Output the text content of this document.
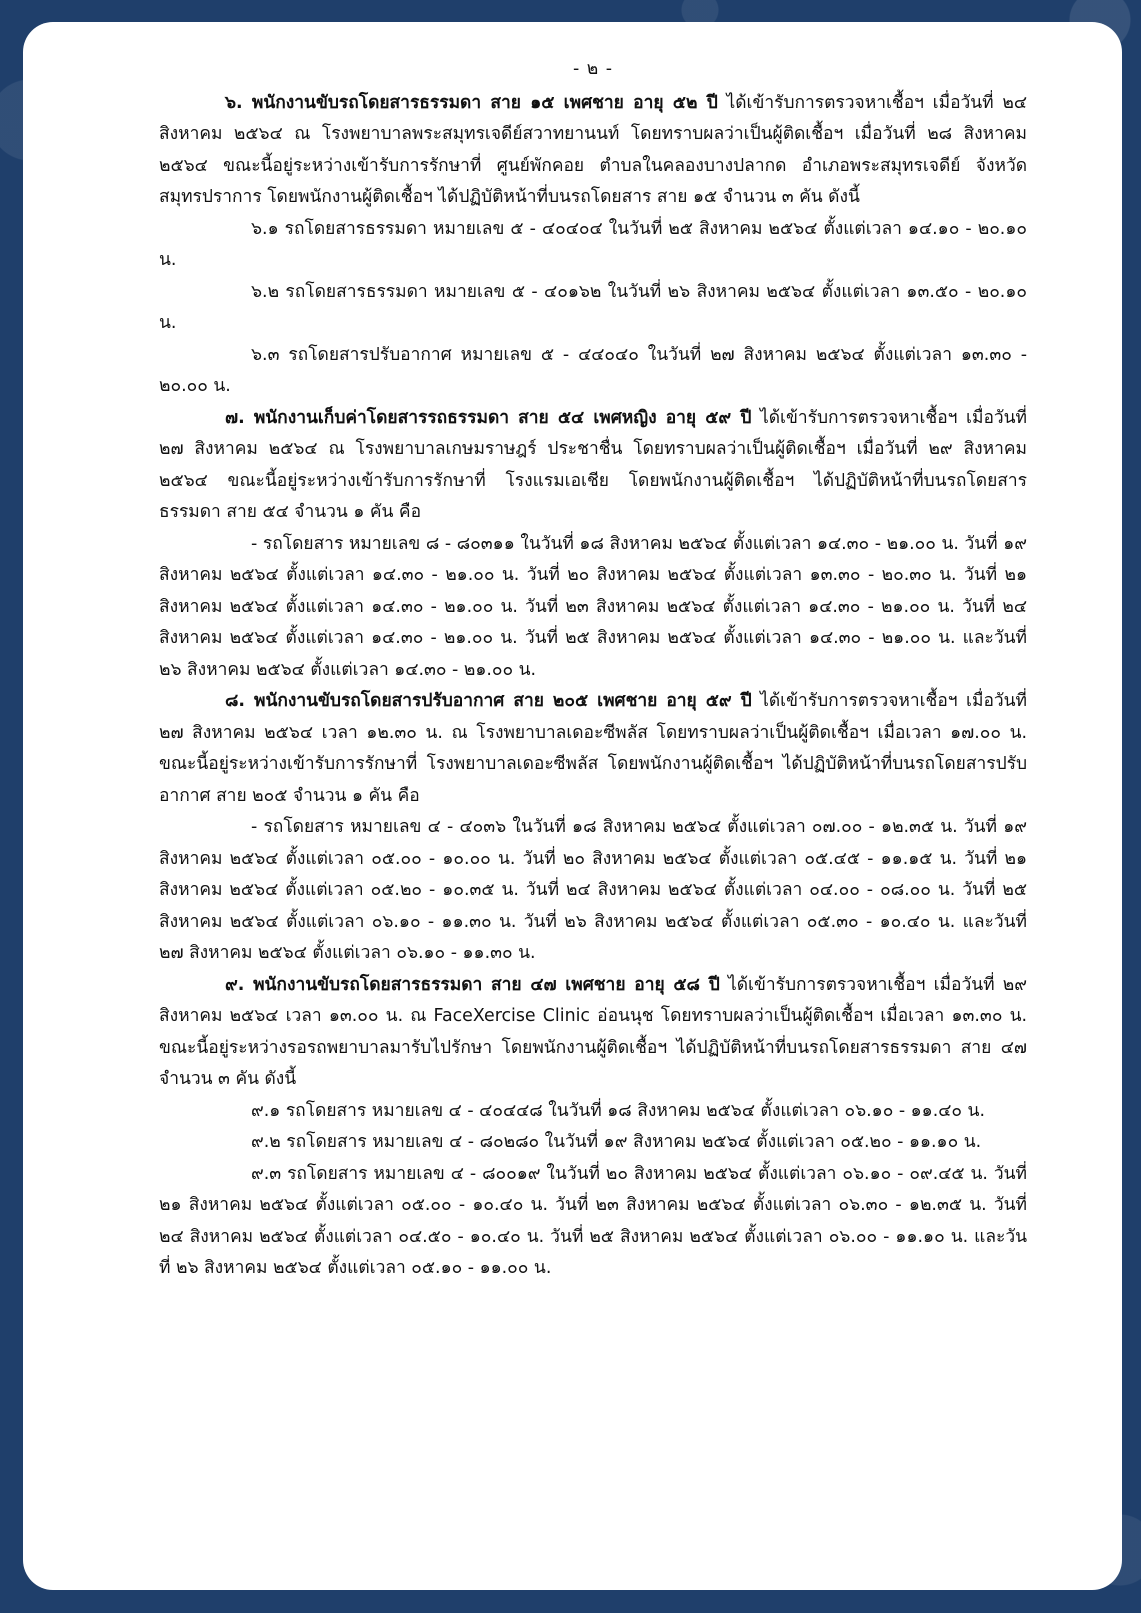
- ๒ -

๖. พนักงานขับรถโดยสารธรรมดา สาย ๑๕ เพศชาย อายุ ๕๒ ปี ได้เข้ารับการตรวจหาเชื้อฯ เมื่อวันที่ ๒๔ สิงหาคม ๒๕๖๔ ณ โรงพยาบาลพระสมุทรเจดีย์สวาทยานนท์ โดยทราบผลว่าเป็นผู้ติดเชื้อฯ เมื่อวันที่ ๒๘ สิงหาคม ๒๕๖๔ ขณะนี้อยู่ระหว่างเข้ารับการรักษาที่ ศูนย์พักคอย ตำบลในคลองบางปลากด อำเภอพระสมุทรเจดีย์ จังหวัดสมุทรปราการ โดยพนักงานผู้ติดเชื้อฯ ได้ปฏิบัติหน้าที่บนรถโดยสาร สาย ๑๕ จำนวน ๓ คัน ดังนี้

๖.๑ รถโดยสารธรรมดา หมายเลข ๕ - ๔๐๔๐๔ ในวันที่ ๒๕ สิงหาคม ๒๕๖๔ ตั้งแต่เวลา ๑๔.๑๐ - ๒๐.๑๐ น.

๖.๒ รถโดยสารธรรมดา หมายเลข ๕ - ๔๐๑๖๒ ในวันที่ ๒๖ สิงหาคม ๒๕๖๔ ตั้งแต่เวลา ๑๓.๕๐ - ๒๐.๑๐ น.

๖.๓ รถโดยสารปรับอากาศ หมายเลข ๕ - ๔๔๐๔๐ ในวันที่ ๒๗ สิงหาคม ๒๕๖๔ ตั้งแต่เวลา ๑๓.๓๐ - ๒๐.๐๐ น.

๗. พนักงานเก็บค่าโดยสารรถธรรมดา สาย ๕๔ เพศหญิง อายุ ๕๙ ปี ได้เข้ารับการตรวจหาเชื้อฯ เมื่อวันที่ ๒๗ สิงหาคม ๒๕๖๔ ณ โรงพยาบาลเกษมราษฎร์ ประชาชื่น โดยทราบผลว่าเป็นผู้ติดเชื้อฯ เมื่อวันที่ ๒๙ สิงหาคม ๒๕๖๔ ขณะนี้อยู่ระหว่างเข้ารับการรักษาที่ โรงแรมเอเชีย โดยพนักงานผู้ติดเชื้อฯ ได้ปฏิบัติหน้าที่บนรถโดยสารธรรมดา สาย ๕๔ จำนวน ๑ คัน คือ

- รถโดยสาร หมายเลข ๘ - ๘๐๓๑๑ ในวันที่ ๑๘ สิงหาคม ๒๕๖๔ ตั้งแต่เวลา ๑๔.๓๐ - ๒๑.๐๐ น. วันที่ ๑๙ สิงหาคม ๒๕๖๔ ตั้งแต่เวลา ๑๔.๓๐ - ๒๑.๐๐ น. วันที่ ๒๐ สิงหาคม ๒๕๖๔ ตั้งแต่เวลา ๑๓.๓๐ - ๒๐.๓๐ น. วันที่ ๒๑ สิงหาคม ๒๕๖๔ ตั้งแต่เวลา ๑๔.๓๐ - ๒๑.๐๐ น. วันที่ ๒๓ สิงหาคม ๒๕๖๔ ตั้งแต่เวลา ๑๔.๓๐ - ๒๑.๐๐ น. วันที่ ๒๔ สิงหาคม ๒๕๖๔ ตั้งแต่เวลา ๑๔.๓๐ - ๒๑.๐๐ น. วันที่ ๒๕ สิงหาคม ๒๕๖๔ ตั้งแต่เวลา ๑๔.๓๐ - ๒๑.๐๐ น. และวันที่ ๒๖ สิงหาคม ๒๕๖๔ ตั้งแต่เวลา ๑๔.๓๐ - ๒๑.๐๐ น.

๘. พนักงานขับรถโดยสารปรับอากาศ สาย ๒๐๕ เพศชาย อายุ ๕๙ ปี ได้เข้ารับการตรวจหาเชื้อฯ เมื่อวันที่ ๒๗ สิงหาคม ๒๕๖๔ เวลา ๑๒.๓๐ น. ณ โรงพยาบาลเดอะซีพลัส โดยทราบผลว่าเป็นผู้ติดเชื้อฯ เมื่อเวลา ๑๗.๐๐ น. ขณะนี้อยู่ระหว่างเข้ารับการรักษาที่ โรงพยาบาลเดอะซีพลัส โดยพนักงานผู้ติดเชื้อฯ ได้ปฏิบัติหน้าที่บนรถโดยสารปรับอากาศ สาย ๒๐๕ จำนวน ๑ คัน คือ

- รถโดยสาร หมายเลข ๔ - ๔๐๓๖ ในวันที่ ๑๘ สิงหาคม ๒๕๖๔ ตั้งแต่เวลา ๐๗.๐๐ - ๑๒.๓๕ น. วันที่ ๑๙ สิงหาคม ๒๕๖๔ ตั้งแต่เวลา ๐๕.๐๐ - ๑๐.๐๐ น. วันที่ ๒๐ สิงหาคม ๒๕๖๔ ตั้งแต่เวลา ๐๕.๔๕ - ๑๑.๑๕ น. วันที่ ๒๑ สิงหาคม ๒๕๖๔ ตั้งแต่เวลา ๐๕.๒๐ - ๑๐.๓๕ น. วันที่ ๒๔ สิงหาคม ๒๕๖๔ ตั้งแต่เวลา ๐๔.๐๐ - ๐๘.๐๐ น. วันที่ ๒๕ สิงหาคม ๒๕๖๔ ตั้งแต่เวลา ๐๖.๑๐ - ๑๑.๓๐ น. วันที่ ๒๖ สิงหาคม ๒๕๖๔ ตั้งแต่เวลา ๐๕.๓๐ - ๑๐.๔๐ น. และวันที่ ๒๗ สิงหาคม ๒๕๖๔ ตั้งแต่เวลา ๐๖.๑๐ - ๑๑.๓๐ น.

๙. พนักงานขับรถโดยสารธรรมดา สาย ๔๗ เพศชาย อายุ ๕๘ ปี ได้เข้ารับการตรวจหาเชื้อฯ เมื่อวันที่ ๒๙ สิงหาคม ๒๕๖๔ เวลา ๑๓.๐๐ น. ณ FaceXercise Clinic อ่อนนุช โดยทราบผลว่าเป็นผู้ติดเชื้อฯ เมื่อเวลา ๑๓.๓๐ น. ขณะนี้อยู่ระหว่างรอรถพยาบาลมารับไปรักษา โดยพนักงานผู้ติดเชื้อฯ ได้ปฏิบัติหน้าที่บนรถโดยสารธรรมดา สาย ๔๗ จำนวน ๓ คัน ดังนี้

๙.๑ รถโดยสาร หมายเลข ๔ - ๔๐๔๔๘ ในวันที่ ๑๘ สิงหาคม ๒๕๖๔ ตั้งแต่เวลา ๐๖.๑๐ - ๑๑.๔๐ น.

๙.๒ รถโดยสาร หมายเลข ๔ - ๘๐๒๘๐ ในวันที่ ๑๙ สิงหาคม ๒๕๖๔ ตั้งแต่เวลา ๐๕.๒๐ - ๑๑.๑๐ น.

๙.๓ รถโดยสาร หมายเลข ๔ - ๘๐๐๑๙ ในวันที่ ๒๐ สิงหาคม ๒๕๖๔ ตั้งแต่เวลา ๐๖.๑๐ - ๐๙.๔๕ น. วันที่ ๒๑ สิงหาคม ๒๕๖๔ ตั้งแต่เวลา ๐๕.๐๐ - ๑๐.๔๐ น. วันที่ ๒๓ สิงหาคม ๒๕๖๔ ตั้งแต่เวลา ๐๖.๓๐ - ๑๒.๓๕ น. วันที่ ๒๔ สิงหาคม ๒๕๖๔ ตั้งแต่เวลา ๐๔.๕๐ - ๑๐.๔๐ น. วันที่ ๒๕ สิงหาคม ๒๕๖๔ ตั้งแต่เวลา ๐๖.๐๐ - ๑๑.๑๐ น. และวันที่ ๒๖ สิงหาคม ๒๕๖๔ ตั้งแต่เวลา ๐๕.๑๐ - ๑๑.๐๐ น.
